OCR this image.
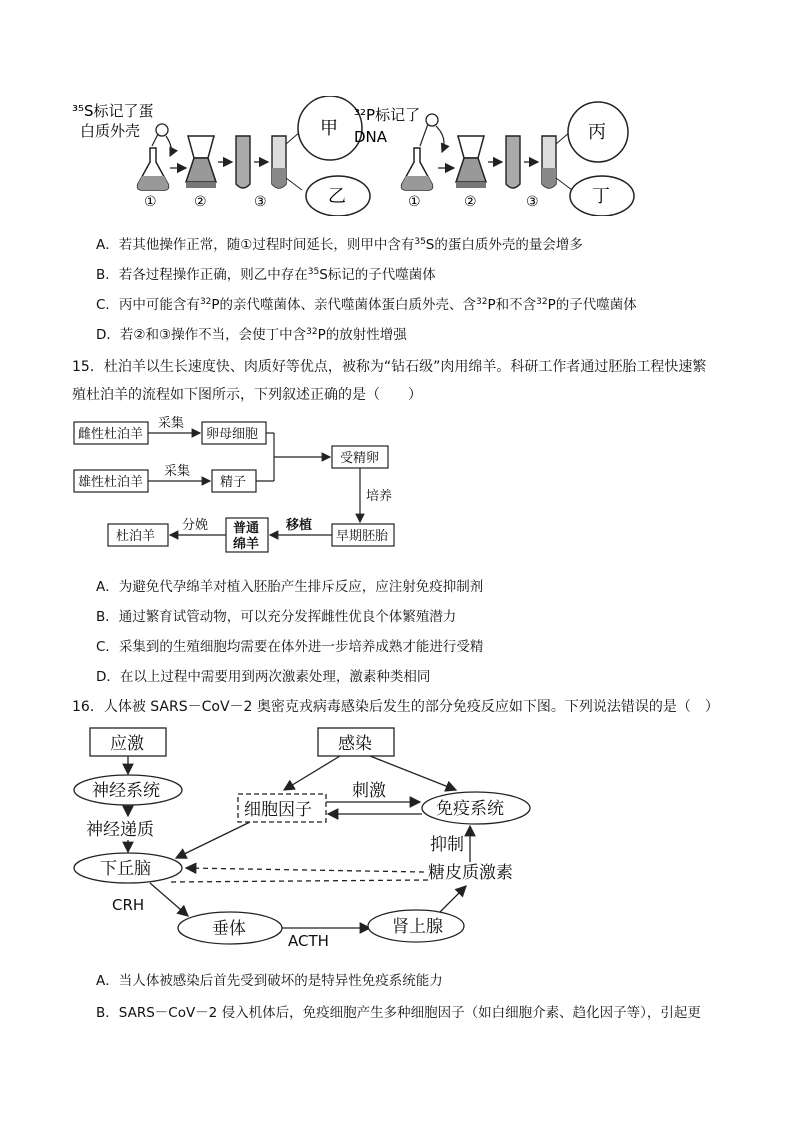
³⁵S标记了蛋
白质外壳
①	②	③
甲
乙
³²P标记了
DNA
①	②	③
丙
丁
A．若其他操作正常，随①过程时间延长，则甲中含有$^{35}$S的蛋白质外壳的量会增多
B．若各过程操作正确，则乙中存在$^{35}$S标记的子代噬菌体
C．丙中可能含有$^{32}$P的亲代噬菌体、亲代噬菌体蛋白质外壳、含$^{32}$P和不含$^{32}$P的子代噬菌体
D．若②和③操作不当，会使丁中含$^{32}$P的放射性增强
15．杜泊羊以生长速度快、肉质好等优点，被称为“钻石级”肉用绵羊。科研工作者通过胚胎工程快速繁
殖杜泊羊的流程如下图所示，下列叙述正确的是（　　）
雌性杜泊羊
采集
卵母细胞
雄性杜泊羊
采集
精子
受精卵
培养
早期胚胎
移植
普通
绵羊
分娩
杜泊羊
A．为避免代孕绵羊对植入胚胎产生排斥反应，应注射免疫抑制剂
B．通过繁育试管动物，可以充分发挥雌性优良个体繁殖潜力
C．采集到的生殖细胞均需要在体外进一步培养成熟才能进行受精
D．在以上过程中需要用到两次激素处理，激素种类相同
16．人体被 SARS－CoV－2 奥密克戎病毒感染后发生的部分免疫反应如下图。下列说法错误的是（　）
应激	感染
神经系统
神经递质
下丘脑
细胞因子	免疫系统
刺激
抑制
糖皮质激素
CRH
垂体
ACTH
肾上腺
A．当人体被感染后首先受到破坏的是特异性免疫系统能力
B．SARS－CoV－2 侵入机体后，免疫细胞产生多种细胞因子（如白细胞介素、趋化因子等），引起更
